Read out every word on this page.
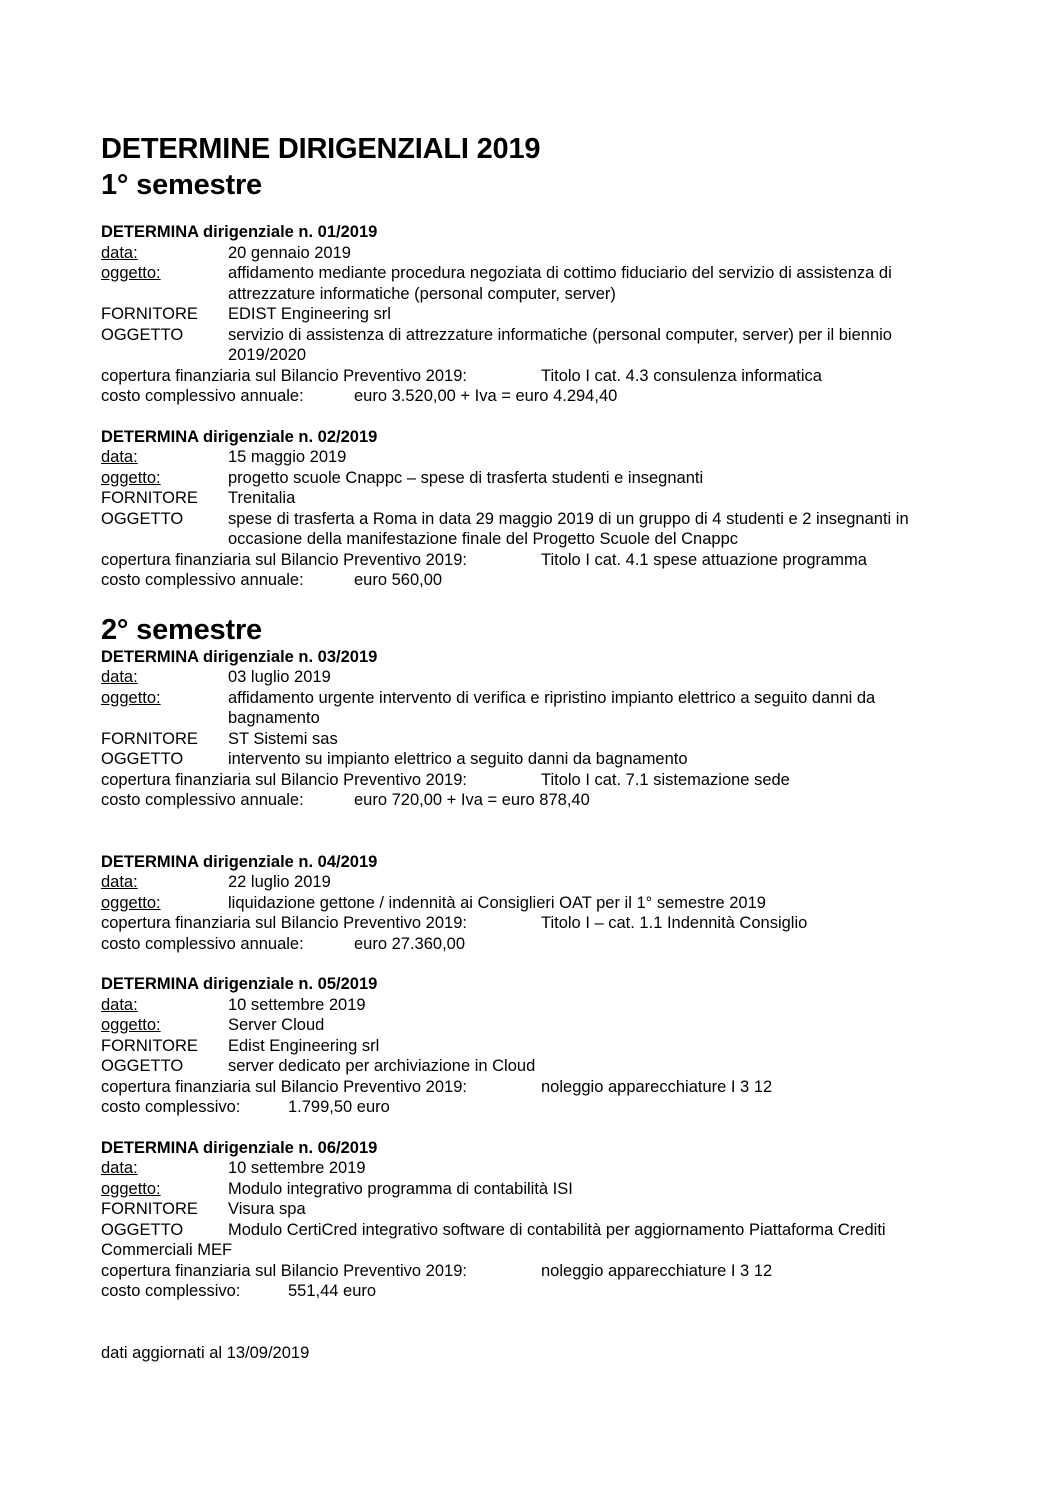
DETERMINE DIRIGENZIALI 2019
1° semestre
DETERMINA dirigenziale n. 01/2019
data:	20 gennaio 2019
oggetto:	affidamento mediante procedura negoziata di cottimo fiduciario del servizio di assistenza di attrezzature informatiche (personal computer, server)
FORNITORE	EDIST Engineering srl
OGGETTO	servizio di assistenza di attrezzature informatiche (personal computer, server) per il biennio 2019/2020
copertura finanziaria sul Bilancio Preventivo 2019:	Titolo I cat. 4.3 consulenza informatica
costo complessivo annuale:	euro 3.520,00 + Iva = euro 4.294,40
DETERMINA dirigenziale n. 02/2019
data:	15 maggio 2019
oggetto:	progetto scuole Cnappc – spese di trasferta studenti e insegnanti
FORNITORE	Trenitalia
OGGETTO	spese di trasferta a Roma in data 29 maggio 2019 di un gruppo di 4 studenti e 2 insegnanti in occasione della manifestazione finale del Progetto Scuole del Cnappc
copertura finanziaria sul Bilancio Preventivo 2019:	Titolo I cat. 4.1 spese attuazione programma
costo complessivo annuale:	euro 560,00
2° semestre
DETERMINA dirigenziale n. 03/2019
data:	03 luglio 2019
oggetto:	affidamento urgente intervento di verifica e ripristino impianto elettrico a seguito danni da bagnamento
FORNITORE	ST Sistemi sas
OGGETTO	intervento su impianto elettrico a seguito danni da bagnamento
copertura finanziaria sul Bilancio Preventivo 2019:	Titolo I cat. 7.1 sistemazione sede
costo complessivo annuale:	euro 720,00 + Iva = euro 878,40
DETERMINA dirigenziale n. 04/2019
data:	22 luglio 2019
oggetto:	liquidazione gettone / indennità ai Consiglieri OAT per il 1° semestre 2019
copertura finanziaria sul Bilancio Preventivo 2019:	Titolo I – cat. 1.1 Indennità Consiglio
costo complessivo annuale:	euro 27.360,00
DETERMINA dirigenziale n. 05/2019
data:	10 settembre 2019
oggetto:	Server Cloud
FORNITORE	Edist Engineering srl
OGGETTO	server dedicato per archiviazione in Cloud
copertura finanziaria sul Bilancio Preventivo 2019:	noleggio apparecchiature I 3 12
costo complessivo:	1.799,50 euro
DETERMINA dirigenziale n. 06/2019
data:	10 settembre 2019
oggetto:	Modulo integrativo programma di contabilità ISI
FORNITORE	Visura spa
OGGETTO	Modulo CertiCred integrativo software di contabilità per aggiornamento Piattaforma Crediti
Commerciali MEF
copertura finanziaria sul Bilancio Preventivo 2019:	noleggio apparecchiature I 3 12
costo complessivo:	551,44 euro
dati aggiornati al 13/09/2019
